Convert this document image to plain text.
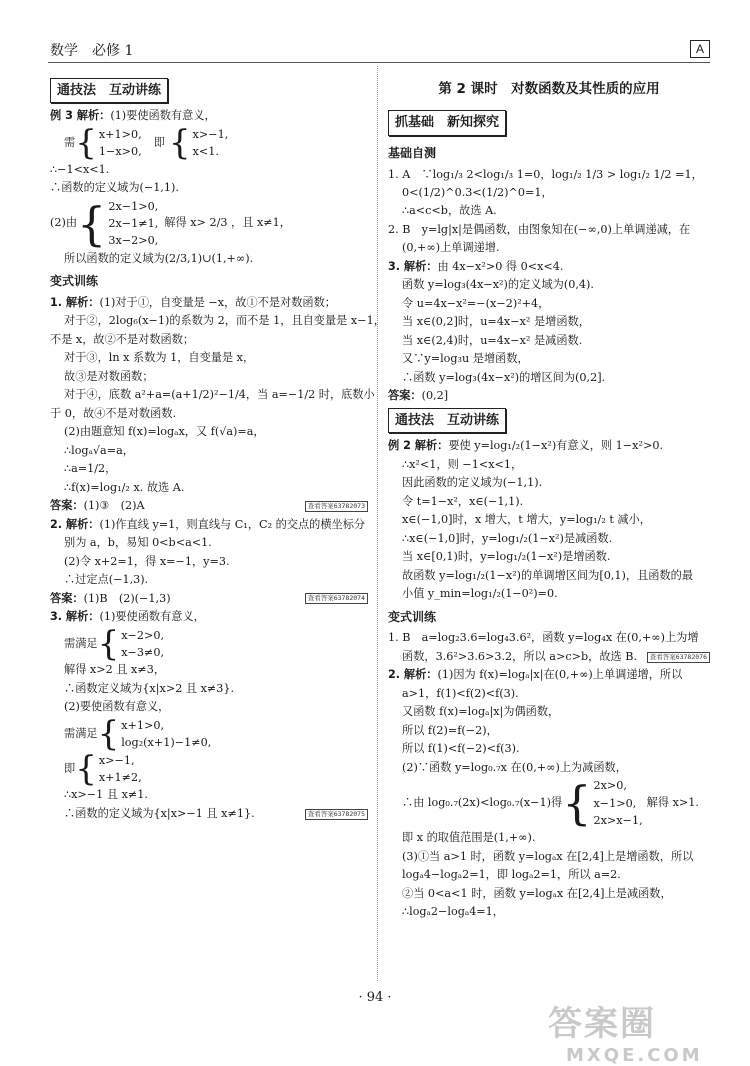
数学　必修 1	A
通技法　互动讲练
例 3 解析：(1)要使函数有意义，
需 { x+1>0,
1−x>0,
即 { x>−1,
x<1.
∴−1<x<1.
∴函数的定义域为(−1,1).
(2)由 { 2x−1>0,
2x−1≠1,
3x−2>0,
解得 x> 2/3 ，且 x≠1，
所以函数的定义域为(2/3,1)∪(1,+∞).
变式训练
1. 解析：(1)对于①，自变量是 −x，故①不是对数函数；
对于②，2log₆(x−1)的系数为 2，而不是 1，且自变量是 x−1，
不是 x，故②不是对数函数；
对于③，ln x 系数为 1，自变量是 x，
故③是对数函数；
对于④，底数 a²+a=(a+1/2)²−1/4，当 a=−1/2 时，底数小
于 0，故④不是对数函数.
(2)由题意知 f(x)=logₐx，又 f(√a)=a，
∴logₐ√a=a，
∴a=1/2，
∴f(x)=log₁/₂ x. 故选 A.
答案：(1)③　(2)A	查看答案63782073
2. 解析：(1)作直线 y=1，则直线与 C₁，C₂ 的交点的横坐标分
别为 a，b，易知 0<b<a<1.
(2)令 x+2=1，得 x=−1，y=3.
∴过定点(−1,3).
答案：(1)B　(2)(−1,3)	查看答案63782074
3. 解析：(1)要使函数有意义，
需满足 { x−2>0,
x−3≠0,
解得 x>2 且 x≠3，
∴函数定义域为{x|x>2 且 x≠3}.
(2)要使函数有意义，
需满足 { x+1>0,
log₂(x+1)−1≠0,
即 { x>−1,
x+1≠2,
∴x>−1 且 x≠1.
∴函数的定义域为{x|x>−1 且 x≠1}.	查看答案63782075
第 2 课时　对数函数及其性质的应用
抓基础　新知探究
基础自测
1. A　∵log₁/₃ 2<log₁/₃ 1=0，log₁/₂ 1/3 > log₁/₂ 1/2 =1，
0<(1/2)^0.3<(1/2)^0=1，
∴a<c<b，故选 A.
2. B　y=lg|x|是偶函数，由图象知在(−∞,0)上单调递减，在
(0,+∞)上单调递增.
3. 解析：由 4x−x²>0 得 0<x<4.
函数 y=log₃(4x−x²)的定义域为(0,4).
令 u=4x−x²=−(x−2)²+4，
当 x∈(0,2]时，u=4x−x² 是增函数，
当 x∈(2,4)时，u=4x−x² 是减函数.
又∵y=log₃u 是增函数，
∴函数 y=log₃(4x−x²)的增区间为(0,2].
答案：(0,2]
通技法　互动讲练
例 2 解析：要使 y=log₁/₂(1−x²)有意义，则 1−x²>0.
∴x²<1，则 −1<x<1，
因此函数的定义域为(−1,1).
令 t=1−x²，x∈(−1,1).
x∈(−1,0]时，x 增大，t 增大，y=log₁/₂ t 减小，
∴x∈(−1,0]时，y=log₁/₂(1−x²)是减函数.
当 x∈[0,1)时，y=log₁/₂(1−x²)是增函数.
故函数 y=log₁/₂(1−x²)的单调增区间为[0,1)，且函数的最
小值 y_min=log₁/₂(1−0²)=0.
变式训练
1. B　a=log₂3.6=log₄3.6²，函数 y=log₄x 在(0,+∞)上为增
函数，3.6²>3.6>3.2，所以 a>c>b，故选 B.	查看答案63782076
2. 解析：(1)因为 f(x)=logₐ|x|在(0,+∞)上单调递增，所以
a>1，f(1)<f(2)<f(3).
又函数 f(x)=logₐ|x|为偶函数，
所以 f(2)=f(−2)，
所以 f(1)<f(−2)<f(3).
(2)∵函数 y=log₀.₇x 在(0,+∞)上为减函数，
∴由 log₀.₇(2x)<log₀.₇(x−1)得 { 2x>0,
x−1>0,
2x>x−1,
解得 x>1.
即 x 的取值范围是(1,+∞).
(3)①当 a>1 时，函数 y=logₐx 在[2,4]上是增函数，所以
logₐ4−logₐ2=1，即 logₐ2=1，所以 a=2.
②当 0<a<1 时，函数 y=logₐx 在[2,4]上是减函数，
∴logₐ2−logₐ4=1，
· 94 ·
答案圈
MXQE.COM
